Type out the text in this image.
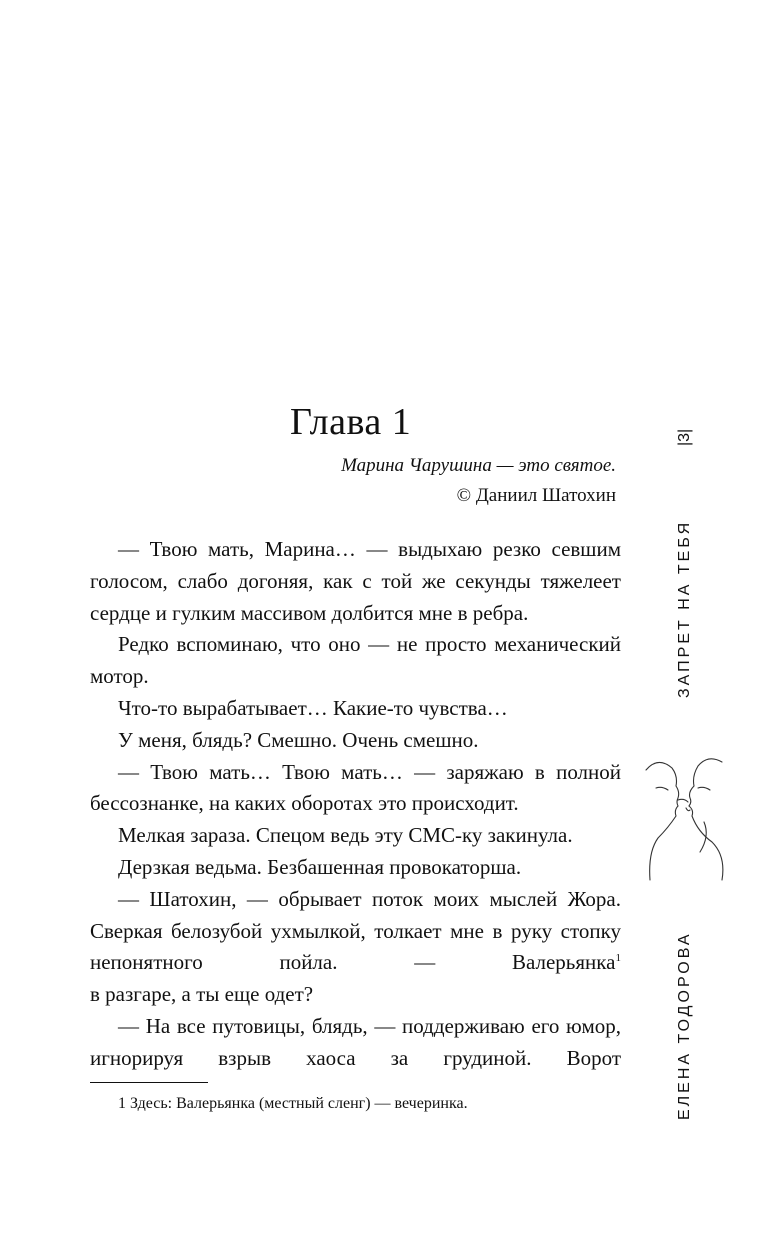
Глава 1
Марина Чарушина — это святое.
© Даниил Шатохин

— Твою мать, Марина… — выдыхаю резко севшим голосом, слабо догоняя, как с той же секунды тяжелеет сердце и гулким массивом долбится мне в ребра.

Редко вспоминаю, что оно — не просто механический мотор.

Что-то вырабатывает… Какие-то чувства…

У меня, блядь? Смешно. Очень смешно.

— Твою мать… Твою мать… — заряжаю в полной бессознанке, на каких оборотах это происходит.

Мелкая зараза. Спецом ведь эту СМС-ку закинула.

Дерзкая ведьма. Безбашенная провокаторша.

— Шатохин, — обрывает поток моих мыслей Жора. Сверкая белозубой ухмылкой, толкает мне в руку стопку непонятного пойла. — Валерьянка$^1$

в разгаре, а ты еще одет?

— На все путовицы, блядь, — поддерживаю его юмор, игнорируя взрыв хаоса за грудиной. Ворот

1 Здесь: Валерьянка (местный сленг) — вечеринка.
|3|
ЗАПРЕТ НА ТЕБЯ
ЕЛЕНА ТОДОРОВА
